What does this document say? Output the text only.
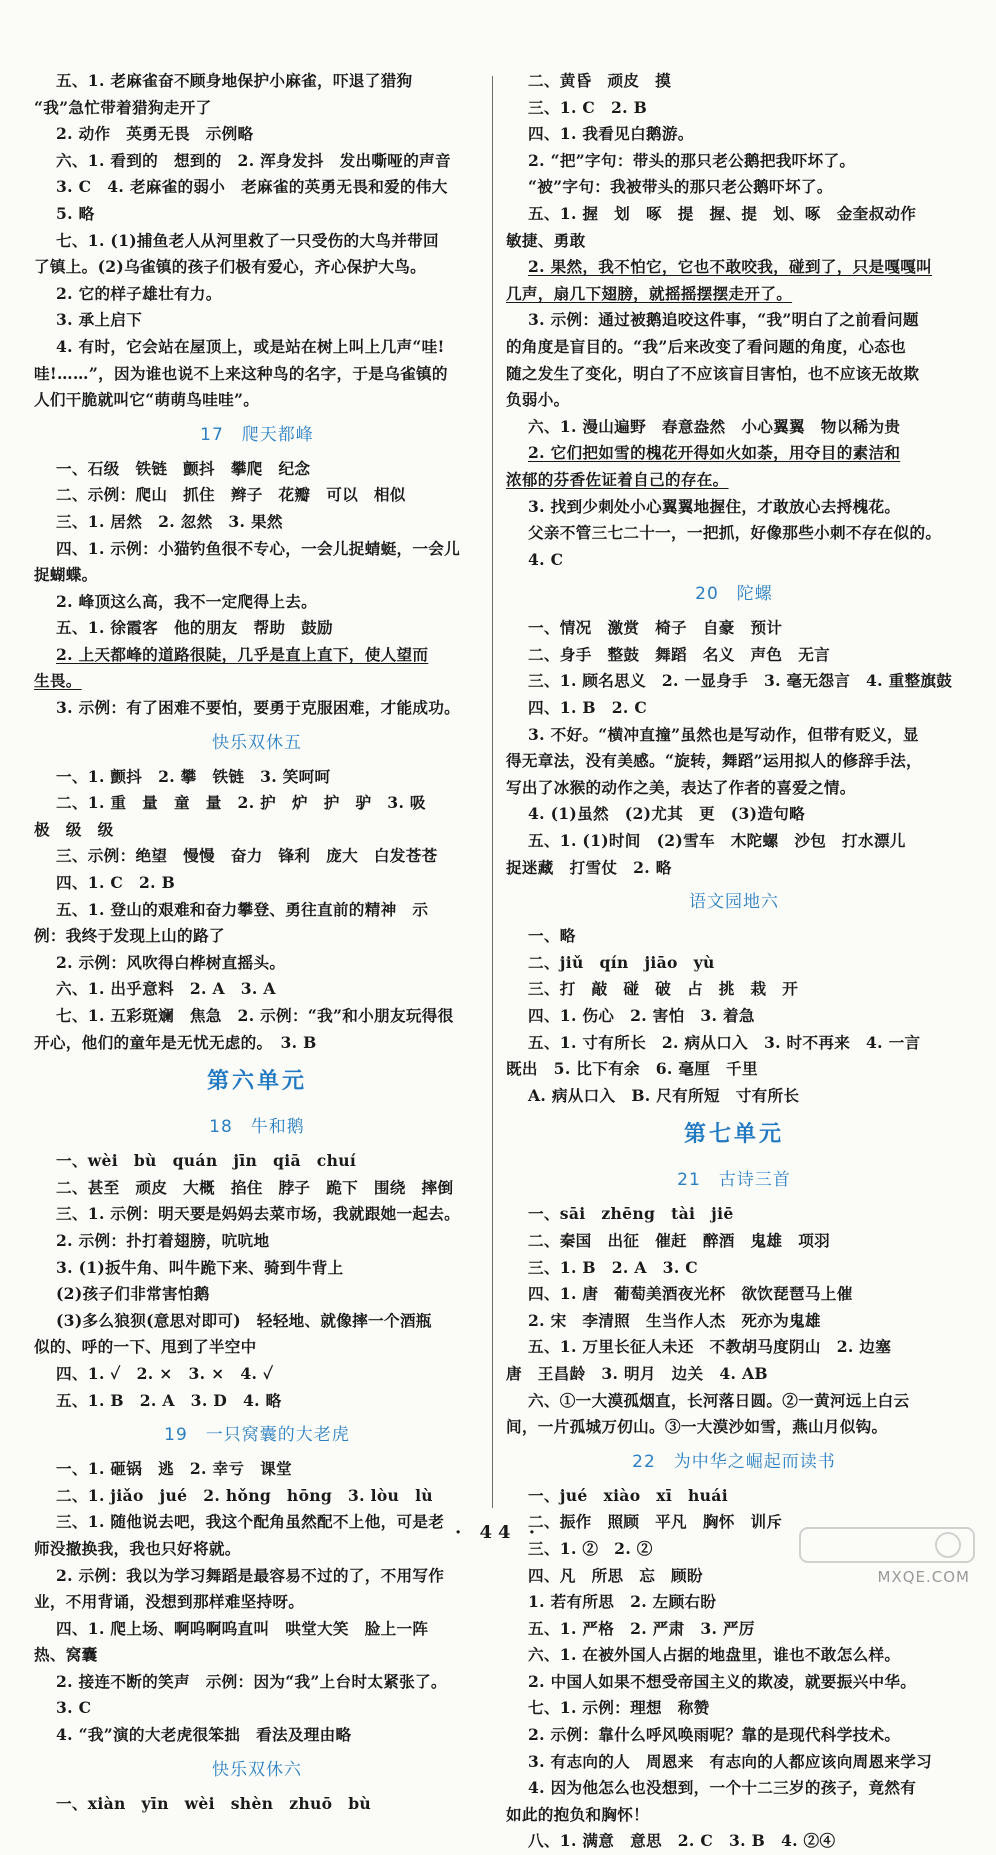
五、1. 老麻雀奋不顾身地保护小麻雀，吓退了猎狗
“我”急忙带着猎狗走开了
2. 动作　英勇无畏　示例略
六、1. 看到的　想到的　2. 浑身发抖　发出嘶哑的声音
3. C　4. 老麻雀的弱小　老麻雀的英勇无畏和爱的伟大
5. 略
七、1. (1)捕鱼老人从河里救了一只受伤的大鸟并带回
了镇上。(2)乌雀镇的孩子们极有爱心，齐心保护大鸟。
2. 它的样子雄壮有力。
3. 承上启下
4. 有时，它会站在屋顶上，或是站在树上叫上几声“哇!
哇!……”，因为谁也说不上来这种鸟的名字，于是乌雀镇的
人们干脆就叫它“萌萌鸟哇哇”。
17　爬天都峰
一、石级　铁链　颤抖　攀爬　纪念
二、示例：爬山　抓住　辫子　花瓣　可以　相似
三、1. 居然　2. 忽然　3. 果然
四、1. 示例：小猫钓鱼很不专心，一会儿捉蜻蜓，一会儿
捉蝴蝶。
2. 峰顶这么高，我不一定爬得上去。
五、1. 徐霞客　他的朋友　帮助　鼓励
2. 上天都峰的道路很陡，几乎是直上直下，使人望而
生畏。
3. 示例：有了困难不要怕，要勇于克服困难，才能成功。
快乐双休五
一、1. 颤抖　2. 攀　铁链　3. 笑呵呵
二、1. 重　量　童　量　2. 护　炉　护　驴　3. 吸
极　级　级
三、示例：绝望　慢慢　奋力　锋利　庞大　白发苍苍
四、1. C　2. B
五、1. 登山的艰难和奋力攀登、勇往直前的精神　示
例：我终于发现上山的路了
2. 示例：风吹得白桦树直摇头。
六、1. 出乎意料　2. A　3. A
七、1. 五彩斑斓　焦急　2. 示例：“我”和小朋友玩得很
开心，他们的童年是无忧无虑的。　3. B
第六单元
18　牛和鹅
一、wèi　bù　quán　jīn　qiā　chuí
二、甚至　顽皮　大概　掐住　脖子　跪下　围绕　摔倒
三、1. 示例：明天要是妈妈去菜市场，我就跟她一起去。
2. 示例：扑打着翅膀，吭吭地
3. (1)扳牛角、叫牛跪下来、骑到牛背上
(2)孩子们非常害怕鹅
(3)多么狼狈(意思对即可)　轻轻地、就像摔一个酒瓶
似的、呼的一下、甩到了半空中
四、1. ✓　2. ×　3. ×　4. ✓
五、1. B　2. A　3. D　4. 略
19　一只窝囊的大老虎
一、1. 砸锅　逃　2. 幸亏　课堂
二、1. jiǎo　jué　2. hǒng　hōng　3. lòu　lù
三、1. 随他说去吧，我这个配角虽然配不上他，可是老
师没撤换我，我也只好将就。
2. 示例：我以为学习舞蹈是最容易不过的了，不用写作
业，不用背诵，没想到那样难坚持呀。
四、1. 爬上场、啊呜啊呜直叫　哄堂大笑　脸上一阵
热、窝囊
2. 接连不断的笑声　示例：因为“我”上台时太紧张了。
3. C
4. “我”演的大老虎很笨拙　看法及理由略
快乐双休六
一、xiàn　yīn　wèi　shèn　zhuō　bù
二、黄昏　顽皮　摸
三、1. C　2. B
四、1. 我看见白鹅游。
2. “把”字句：带头的那只老公鹅把我吓坏了。
“被”字句：我被带头的那只老公鹅吓坏了。
五、1. 握　划　啄　提　握、提　划、啄　金奎叔动作
敏捷、勇敢
2. 果然，我不怕它，它也不敢咬我，碰到了，只是嘎嘎叫
几声，扇几下翅膀，就摇摇摆摆走开了。
3. 示例：通过被鹅追咬这件事，“我”明白了之前看问题
的角度是盲目的。“我”后来改变了看问题的角度，心态也
随之发生了变化，明白了不应该盲目害怕，也不应该无故欺
负弱小。
六、1. 漫山遍野　春意盎然　小心翼翼　物以稀为贵
2. 它们把如雪的槐花开得如火如荼，用夺目的素洁和
浓郁的芬香佐证着自己的存在。
3. 找到少刺处小心翼翼地握住，才敢放心去捋槐花。
父亲不管三七二十一，一把抓，好像那些小刺不存在似的。
4. C
20　陀螺
一、情况　激赏　椅子　自豪　预计
二、身手　整鼓　舞蹈　名义　声色　无言
三、1. 顾名思义　2. 一显身手　3. 毫无怨言　4. 重整旗鼓
四、1. B　2. C
3. 不好。“横冲直撞”虽然也是写动作，但带有贬义，显
得无章法，没有美感。“旋转，舞蹈”运用拟人的修辞手法，
写出了冰猴的动作之美，表达了作者的喜爱之情。
4. (1)虽然　(2)尤其　更　(3)造句略
五、1. (1)时间　(2)雪车　木陀螺　沙包　打水漂儿
捉迷藏　打雪仗　2. 略
语文园地六
一、略
二、jiǔ　qín　jiāo　yù
三、打　敲　碰　破　占　挑　栽　开
四、1. 伤心　2. 害怕　3. 着急
五、1. 寸有所长　2. 病从口入　3. 时不再来　4. 一言
既出　5. 比下有余　6. 毫厘　千里
A. 病从口入　B. 尺有所短　寸有所长
第七单元
21　古诗三首
一、sāi　zhēng　tài　jiē
二、秦国　出征　催赶　醉酒　鬼雄　项羽
三、1. B　2. A　3. C
四、1. 唐　葡萄美酒夜光杯　欲饮琵琶马上催
2. 宋　李清照　生当作人杰　死亦为鬼雄
五、1. 万里长征人未还　不教胡马度阴山　2. 边塞
唐　王昌龄　3. 明月　边关　4. AB
六、①一大漠孤烟直，长河落日圆。②一黄河远上白云
间，一片孤城万仞山。③一大漠沙如雪，燕山月似钩。
22　为中华之崛起而读书
一、jué　xiào　xī　huái
二、振作　照顾　平凡　胸怀　训斥
三、1. ②　2. ②
四、凡　所思　忘　顾盼
1. 若有所思　2. 左顾右盼
五、1. 严格　2. 严肃　3. 严厉
六、1. 在被外国人占据的地盘里，谁也不敢怎么样。
2. 中国人如果不想受帝国主义的欺凌，就要振兴中华。
七、1. 示例：理想　称赞
2. 示例：靠什么呼风唤雨呢？靠的是现代科学技术。
3. 有志向的人　周恩来　有志向的人都应该向周恩来学习
4. 因为他怎么也没想到，一个十二三岁的孩子，竟然有
如此的抱负和胸怀！
八、1. 满意　意思　2. C　3. B　4. ②④
· 44 ·
MXQE.COM
